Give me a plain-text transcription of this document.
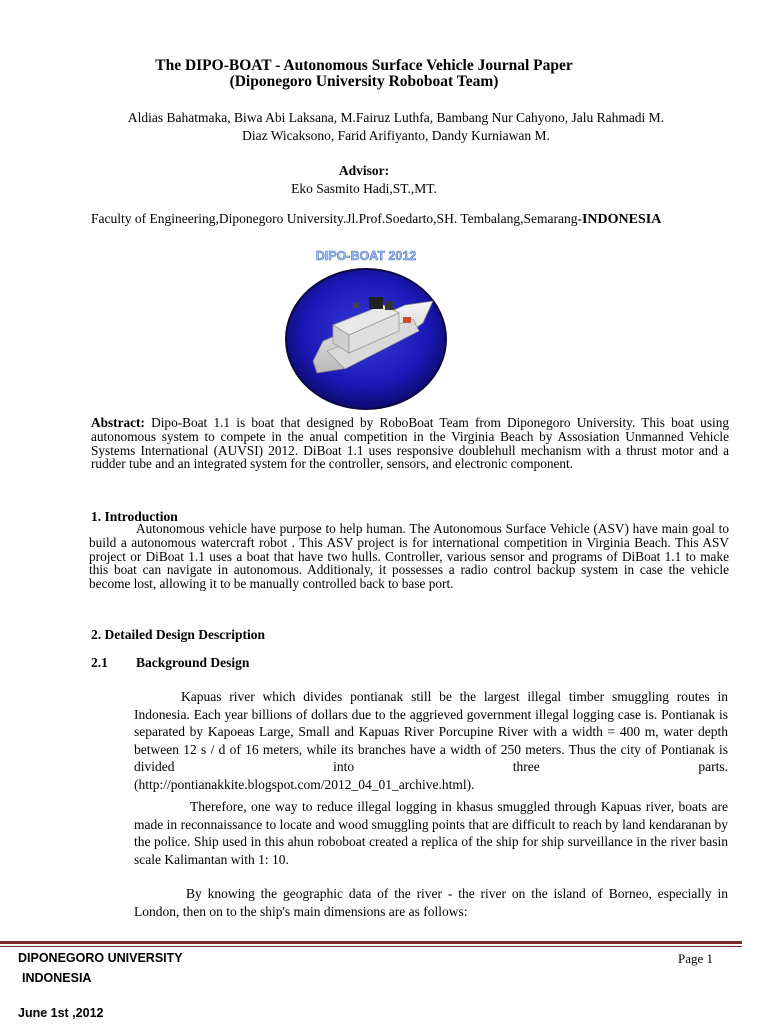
The DIPO-BOAT - Autonomous Surface Vehicle Journal Paper
(Diponegoro University Roboboat Team)
Aldias Bahatmaka, Biwa Abi Laksana, M.Fairuz Luthfa, Bambang Nur Cahyono, Jalu Rahmadi M.
Diaz Wicaksono, Farid Arifiyanto, Dandy Kurniawan M.
Advisor:
Eko Sasmito Hadi,ST.,MT.
Faculty of Engineering,Diponegoro University.Jl.Prof.Soedarto,SH. Tembalang,Semarang-INDONESIA
DIPO-BOAT 2012
Abstract: Dipo-Boat 1.1 is boat that designed by RoboBoat Team from Diponegoro University. This boat using autonomous system to compete in the anual competition in the Virginia Beach by Assosiation Unmanned Vehicle Systems International (AUVSI) 2012. DiBoat 1.1 uses responsive doublehull mechanism with a thrust motor and a rudder tube and an integrated system for the controller, sensors, and electronic component.
1. Introduction
Autonomous vehicle have purpose to help human. The Autonomous Surface Vehicle (ASV) have main goal to build a autonomous watercraft robot . This ASV project is for international competition in Virginia Beach. This ASV project or DiBoat 1.1 uses a boat that have two hulls. Controller, various sensor and programs of DiBoat 1.1 to make this boat can navigate in autonomous. Additionaly, it possesses a radio control backup system in case the vehicle become lost, allowing it to be manually controlled back to base port.
2. Detailed Design Description
2.1 Background Design
Kapuas river which divides pontianak still be the largest illegal timber smuggling routes in Indonesia. Each year billions of dollars due to the aggrieved government illegal logging case is. Pontianak is separated by Kapoeas Large, Small and Kapuas River Porcupine River with a width = 400 m, water depth between 12 s / d of 16 meters, while its branches have a width of 250 meters. Thus the city of Pontianak is divided into three parts.
(http://pontianakkite.blogspot.com/2012_04_01_archive.html).
Therefore, one way to reduce illegal logging in khasus smuggled through Kapuas river, boats are made in reconnaissance to locate and wood smuggling points that are difficult to reach by land kendaranan by the police. Ship used in this ahun roboboat created a replica of the ship for ship surveillance in the river basin scale Kalimantan with 1: 10.
By knowing the geographic data of the river - the river on the island of Borneo, especially in London, then on to the ship's main dimensions are as follows:
DIPONEGORO UNIVERSITY
INDONESIA
June 1st ,2012
Page 1
